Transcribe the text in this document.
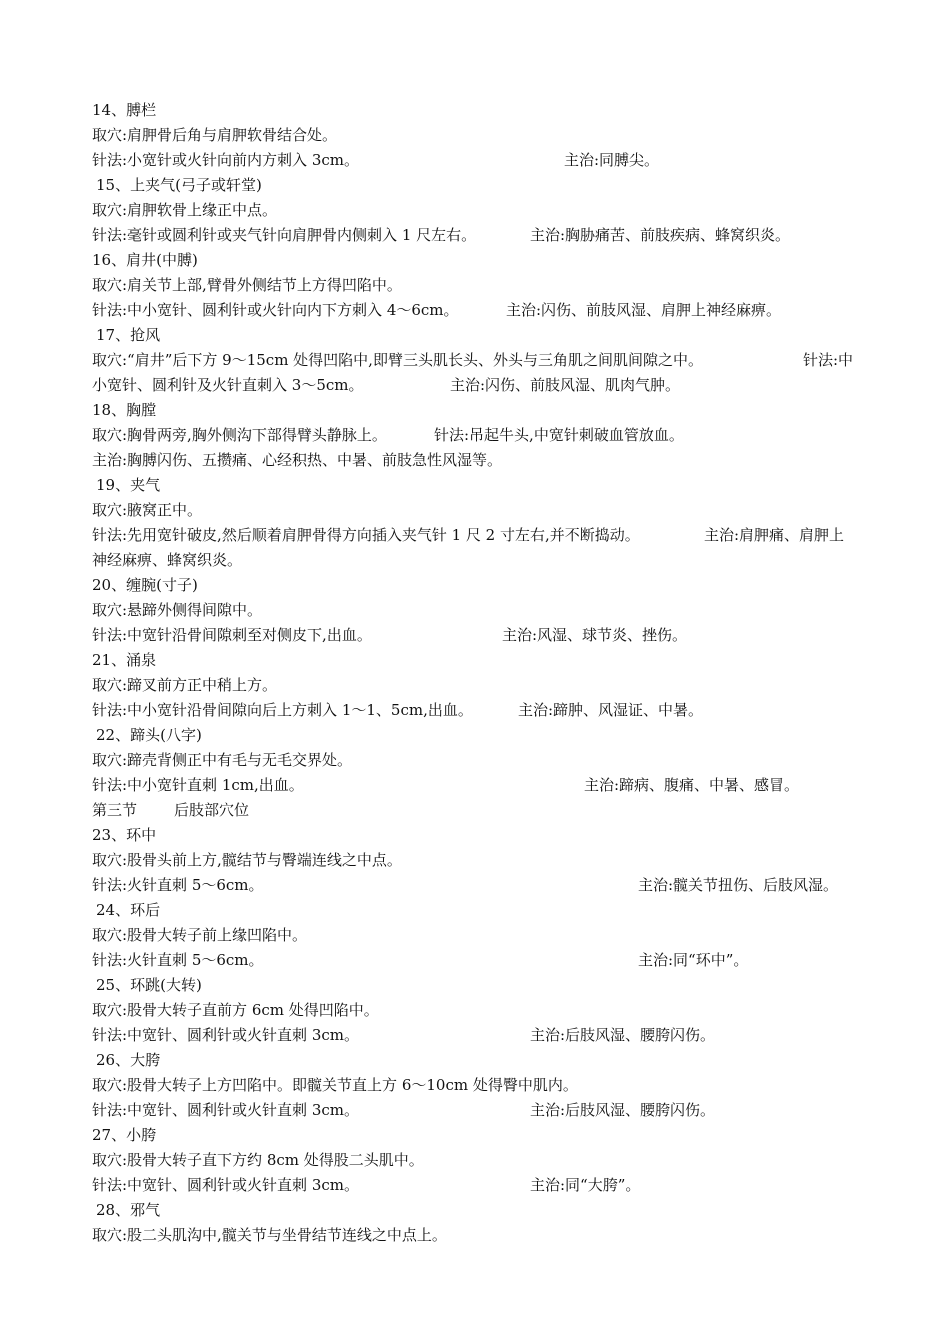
14、膊栏
取穴:肩胛骨后角与肩胛软骨结合处。
针法:小宽针或火针向前内方刺入 3cm。	主治:同膊尖。
15、上夹气(弓子或轩堂)
取穴:肩胛软骨上缘正中点。
针法:毫针或圆利针或夹气针向肩胛骨内侧刺入 1 尺左右。	主治:胸胁痛苦、前肢疾病、蜂窝织炎。
16、肩井(中膊)
取穴:肩关节上部,臂骨外侧结节上方得凹陷中。
针法:中小宽针、圆利针或火针向内下方刺入 4～6cm。	主治:闪伤、前肢风湿、肩胛上神经麻痹。
17、抢风
取穴:“肩井”后下方 9～15cm 处得凹陷中,即臂三头肌长头、外头与三角肌之间肌间隙之中。	针法:中
小宽针、圆利针及火针直刺入 3～5cm。	主治:闪伤、前肢风湿、肌肉气肿。
18、胸膛
取穴:胸骨两旁,胸外侧沟下部得臂头静脉上。	针法:吊起牛头,中宽针刺破血管放血。
主治:胸膊闪伤、五攒痛、心经积热、中暑、前肢急性风湿等。
19、夹气
取穴:腋窝正中。
针法:先用宽针破皮,然后顺着肩胛骨得方向插入夹气针 1 尺 2 寸左右,并不断捣动。	主治:肩胛痛、肩胛上
神经麻痹、蜂窝织炎。
20、缠腕(寸子)
取穴:悬蹄外侧得间隙中。
针法:中宽针沿骨间隙刺至对侧皮下,出血。	主治:风湿、球节炎、挫伤。
21、涌泉
取穴:蹄叉前方正中稍上方。
针法:中小宽针沿骨间隙向后上方刺入 1～1、5cm,出血。	主治:蹄肿、风湿证、中暑。
22、蹄头(八字)
取穴:蹄壳背侧正中有毛与无毛交界处。
针法:中小宽针直刺 1cm,出血。	主治:蹄病、腹痛、中暑、感冒。
第三节 后肢部穴位
23、环中
取穴:股骨头前上方,髋结节与臀端连线之中点。
针法:火针直刺 5～6cm。	主治:髋关节扭伤、后肢风湿。
24、环后
取穴:股骨大转子前上缘凹陷中。
针法:火针直刺 5～6cm。	主治:同“环中”。
25、环跳(大转)
取穴:股骨大转子直前方 6cm 处得凹陷中。
针法:中宽针、圆利针或火针直刺 3cm。	主治:后肢风湿、腰胯闪伤。
26、大胯
取穴:股骨大转子上方凹陷中。即髋关节直上方 6～10cm 处得臀中肌内。
针法:中宽针、圆利针或火针直刺 3cm。	主治:后肢风湿、腰胯闪伤。
27、小胯
取穴:股骨大转子直下方约 8cm 处得股二头肌中。
针法:中宽针、圆利针或火针直刺 3cm。	主治:同“大胯”。
28、邪气
取穴:股二头肌沟中,髋关节与坐骨结节连线之中点上。
